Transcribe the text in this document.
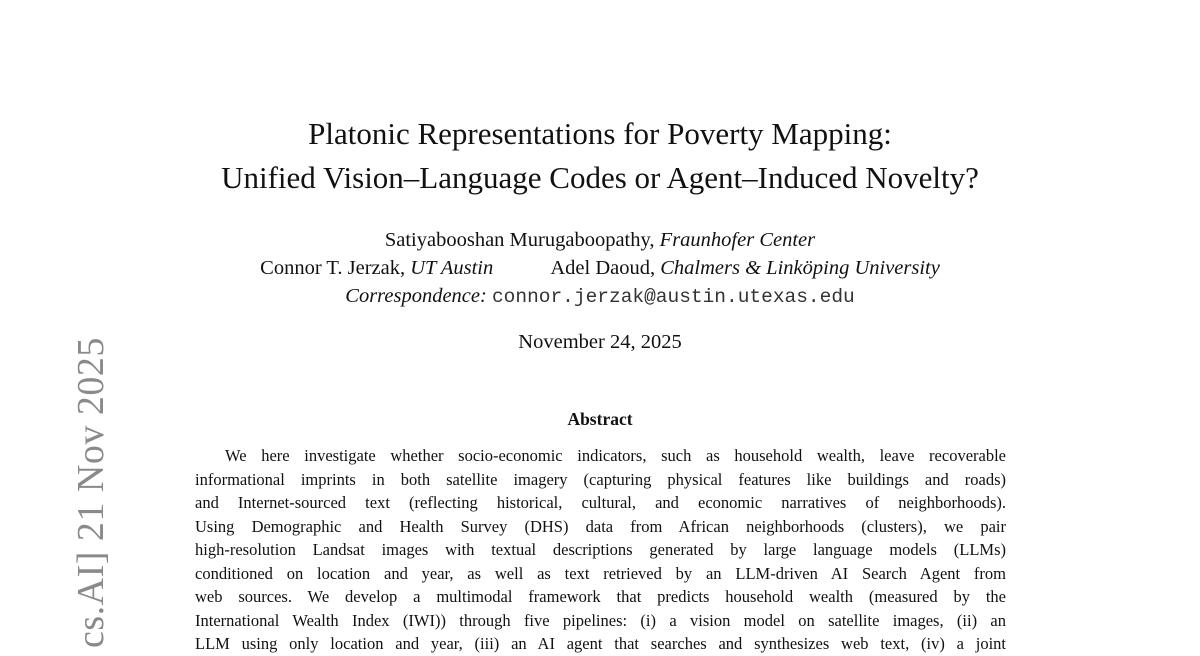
cs.AI] 21 Nov 2025
Platonic Representations for Poverty Mapping:
Unified Vision–Language Codes or Agent–Induced Novelty?
Satiyabooshan Murugaboopathy, Fraunhofer Center
Connor T. Jerzak, UT Austin	Adel Daoud, Chalmers & Linköping University
Correspondence: connor.jerzak@austin.utexas.edu
November 24, 2025
Abstract
We here investigate whether socio-economic indicators, such as household wealth, leave recoverable
informational imprints in both satellite imagery (capturing physical features like buildings and roads)
and Internet-sourced text (reflecting historical, cultural, and economic narratives of neighborhoods).
Using Demographic and Health Survey (DHS) data from African neighborhoods (clusters), we pair
high-resolution Landsat images with textual descriptions generated by large language models (LLMs)
conditioned on location and year, as well as text retrieved by an LLM-driven AI Search Agent from
web sources. We develop a multimodal framework that predicts household wealth (measured by the
International Wealth Index (IWI)) through five pipelines: (i) a vision model on satellite images, (ii) an
LLM using only location and year, (iii) an AI agent that searches and synthesizes web text, (iv) a joint
